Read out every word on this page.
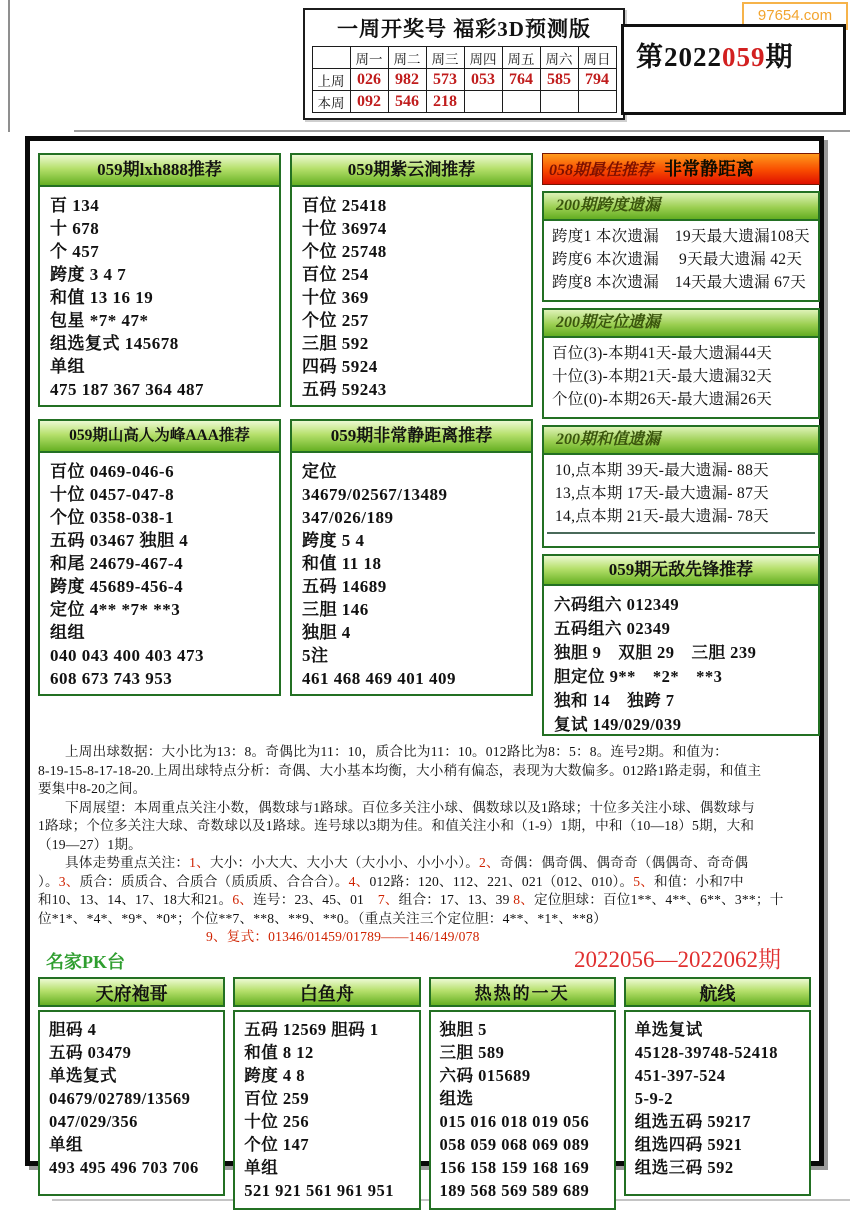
97654.com
一周开奖号 福彩3D预测版
	周一	周二	周三	周四	周五	周六	周日
上周	026	982	573	053	764	585	794
本周	092	546	218				
第2022059期
059期lxh888推荐
百 134
十 678
个 457
跨度 3 4 7
和值 13 16 19
包星 *7* 47*
组选复式 145678
单组
475 187 367 364 487
059期山高人为峰AAA推荐
百位 0469-046-6
十位 0457-047-8
个位 0358-038-1
五码 03467 独胆 4
和尾 24679-467-4
跨度 45689-456-4
定位 4** *7* **3
组组
040 043 400 403 473
608 673 743 953
059期紫云涧推荐
百位 25418
十位 36974
个位 25748
百位 254
十位 369
个位 257
三胆 592
四码 5924
五码 59243
059期非常静距离推荐
定位
34679/02567/13489
347/026/189
跨度 5 4
和值 11 18
五码 14689
三胆 146
独胆 4
5注
461 468 469 401 409
058期最佳推荐 非常静距离
200期跨度遗漏
跨度1 本次遗漏　19天最大遗漏108天
跨度6 本次遗漏　 9天最大遗漏 42天
跨度8 本次遗漏　14天最大遗漏 67天
200期定位遗漏
百位(3)-本期41天-最大遗漏44天
十位(3)-本期21天-最大遗漏32天
个位(0)-本期26天-最大遗漏26天
200期和值遗漏
10,点本期 39天-最大遗漏- 88天
13,点本期 17天-最大遗漏- 87天
14,点本期 21天-最大遗漏- 78天
059期无敌先锋推荐
六码组六 012349
五码组六 02349
独胆 9　双胆 29　三胆 239
胆定位 9**　*2*　**3
独和 14　独跨 7
复试 149/029/039
上周出球数据：大小比为13：8。奇偶比为11：10，质合比为11：10。012路比为8：5：8。连号2期。和值为：
8-19-15-8-17-18-20.上周出球特点分析：奇偶、大小基本均衡，大小稍有偏态，表现为大数偏多。012路1路走弱，和值主
要集中8-20之间。
下周展望：本周重点关注小数，偶数球与1路球。百位多关注小球、偶数球以及1路球；十位多关注小球、偶数球与
1路球；个位多关注大球、奇数球以及1路球。连号球以3期为佳。和值关注小和（1-9）1期，中和（10—18）5期，大和
（19—27）1期。
具体走势重点关注：1、大小：小大大、大小大（大小小、小小小）。2、奇偶：偶奇偶、偶奇奇（偶偶奇、奇奇偶
）。3、质合：质质合、合质合（质质质、合合合）。4、012路：120、112、221、021（012、010）。5、和值：小和7中
和10、13、14、17、18大和21。6、连号：23、45、01　7、组合：17、13、39 8、定位胆球：百位1**、4**、6**、3**；十
位*1*、*4*、*9*、*0*；个位**7、**8、**9、**0。（重点关注三个定位胆：4**、*1*、**8）
9、复式：01346/01459/01789——146/149/078
名家PK台	2022056—2022062期
天府袍哥
胆码 4
五码 03479
单选复式
04679/02789/13569
047/029/356
单组
493 495 496 703 706
白鱼舟
五码 12569 胆码 1
和值 8 12
跨度 4 8
百位 259
十位 256
个位 147
单组
521 921 561 961 951
热热的一天
独胆 5
三胆 589
六码 015689
组选
015 016 018 019 056
058 059 068 069 089
156 158 159 168 169
189 568 569 589 689
航线
单选复试
45128-39748-52418
451-397-524
5-9-2
组选五码 59217
组选四码 5921
组选三码 592
